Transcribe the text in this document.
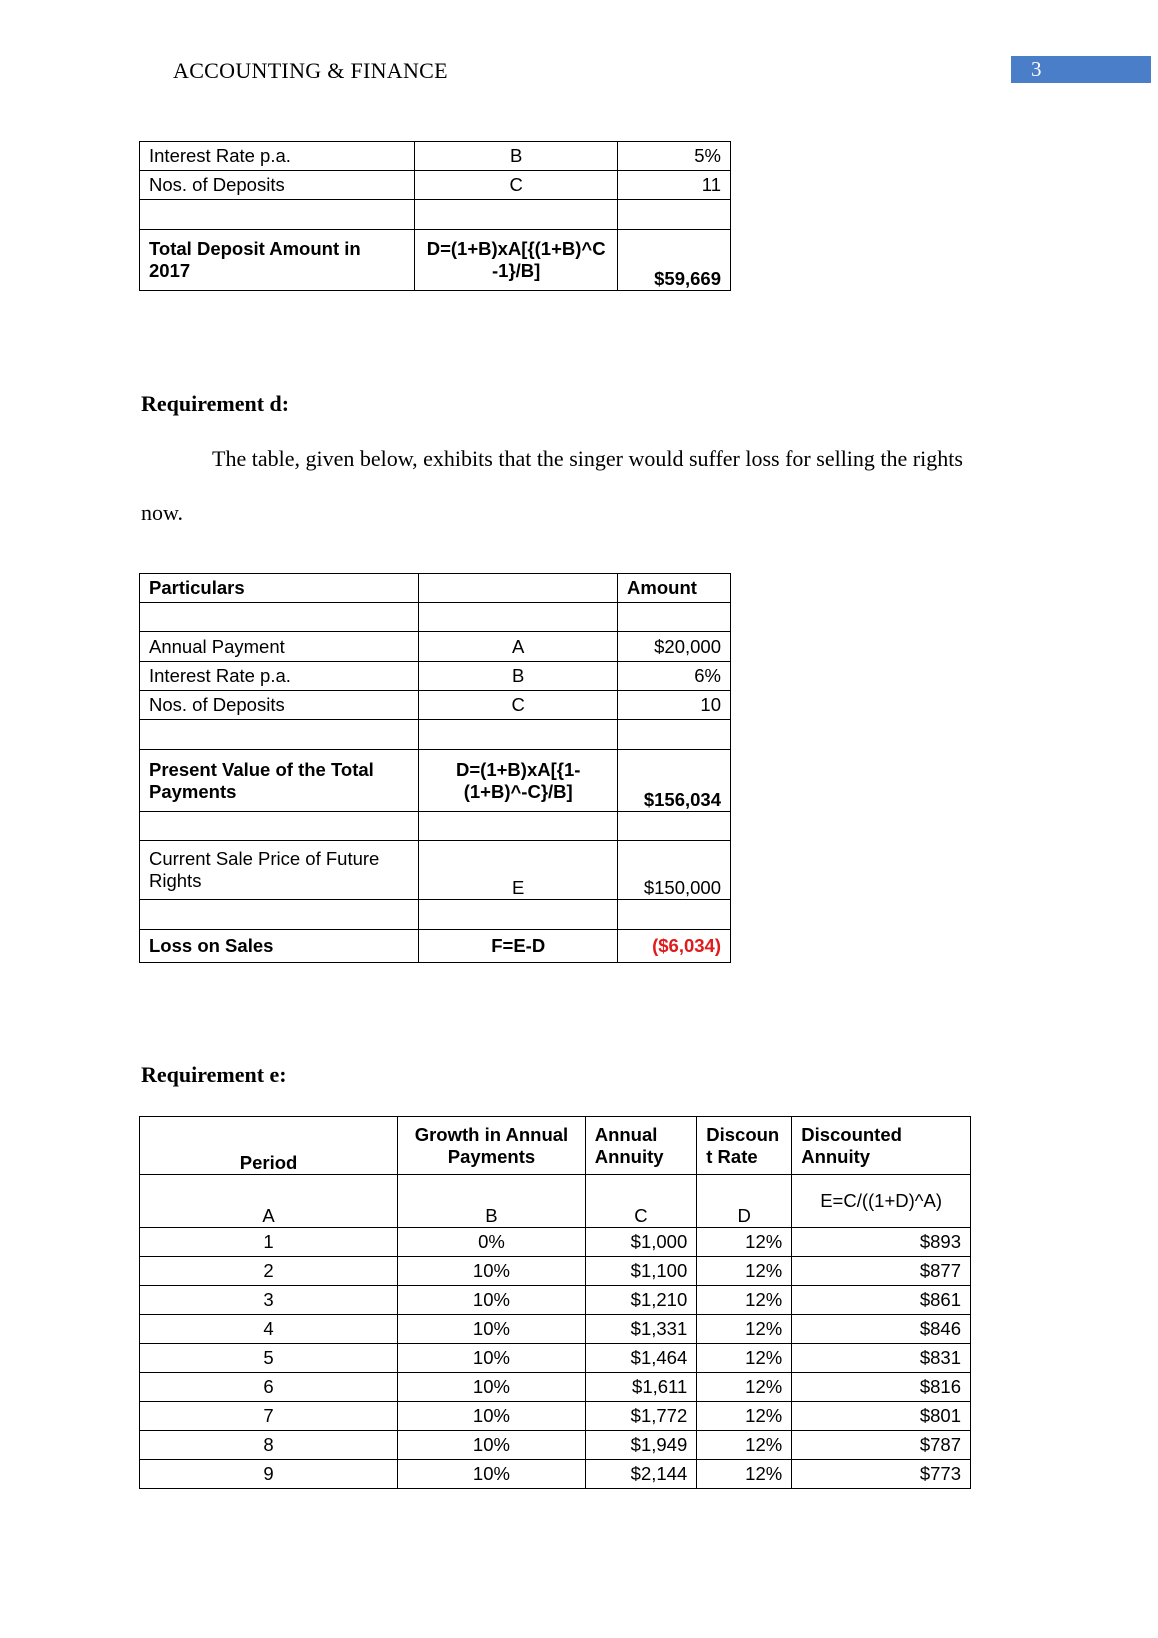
ACCOUNTING & FINANCE	3
Interest Rate p.a.	B	5%
Nos. of Deposits	C	11

Total Deposit Amount in 2017	D=(1+B)xA[{(1+B)^C -1}/B]	$59,669
Requirement d:
The table, given below, exhibits that the singer would suffer loss for selling the rights
now.
Particulars		Amount

Annual Payment	A	$20,000
Interest Rate p.a.	B	6%
Nos. of Deposits	C	10

Present Value of the Total Payments	D=(1+B)xA[{1-(1+B)^-C}/B]	$156,034

Current Sale Price of Future Rights	E	$150,000

Loss on Sales	F=E-D	($6,034)
Requirement e:
Period	Growth in Annual Payments	Annual Annuity	Discount Rate	Discounted Annuity
A	B	C	D	E=C/((1+D)^A)
1	0%	$1,000	12%	$893
2	10%	$1,100	12%	$877
3	10%	$1,210	12%	$861
4	10%	$1,331	12%	$846
5	10%	$1,464	12%	$831
6	10%	$1,611	12%	$816
7	10%	$1,772	12%	$801
8	10%	$1,949	12%	$787
9	10%	$2,144	12%	$773
